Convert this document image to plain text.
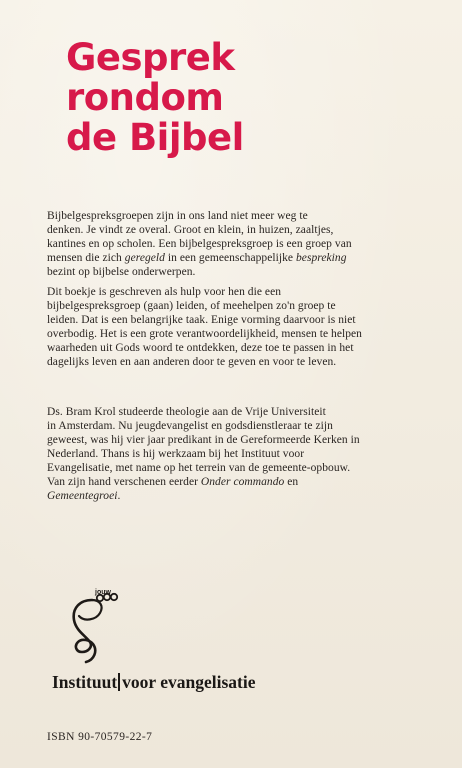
Gesprek
rondom
de Bijbel

Bijbelgespreksgroepen zijn in ons land niet meer weg te
denken. Je vindt ze overal. Groot en klein, in huizen, zaaltjes,
kantines en op scholen. Een bijbelgespreksgroep is een groep van
mensen die zich geregeld in een gemeenschappelijke bespreking
bezint op bijbelse onderwerpen.

Dit boekje is geschreven als hulp voor hen die een
bijbelgespreksgroep (gaan) leiden, of meehelpen zo'n groep te
leiden. Dat is een belangrijke taak. Enige vorming daarvoor is niet
overbodig. Het is een grote verantwoordelijkheid, mensen te helpen
waarheden uit Gods woord te ontdekken, deze toe te passen in het
dagelijks leven en aan anderen door te geven en voor te leven.

Ds. Bram Krol studeerde theologie aan de Vrije Universiteit
in Amsterdam. Nu jeugdevangelist en godsdienstleraar te zijn
geweest, was hij vier jaar predikant in de Gereformeerde Kerken in
Nederland. Thans is hij werkzaam bij het Instituut voor
Evangelisatie, met name op het terrein van de gemeente-opbouw.
Van zijn hand verschenen eerder Onder commando en
Gemeentegroei.

jouw
Instituut voor evangelisatie
ISBN 90-70579-22-7
